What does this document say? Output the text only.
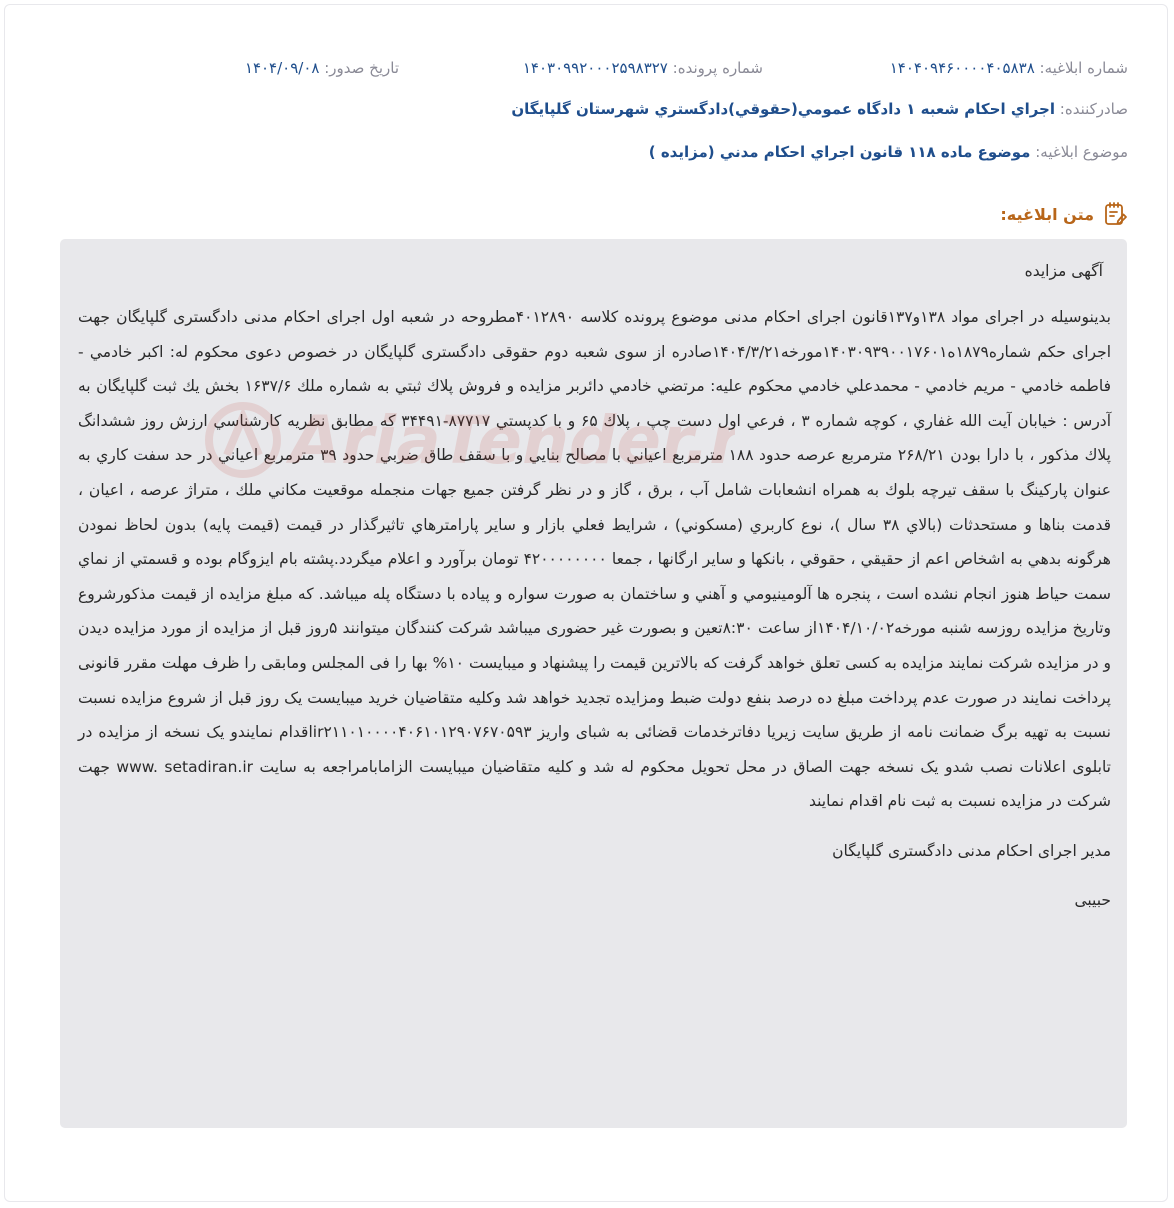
شماره ابلاغيه: ۱۴۰۴۰۹۴۶۰۰۰۰۴۰۵۸۳۸
شماره پرونده: ۱۴۰۳۰۹۹۲۰۰۰۲۵۹۸۳۲۷
تاريخ صدور: ۱۴۰۴/۰۹/۰۸
صادرکننده: اجراي احکام شعبه ۱ دادگاه عمومي(حقوقي)دادگستري شهرستان گلپايگان
موضوع ابلاغيه: موضوع ماده ۱۱۸ قانون اجراي احکام مدني (مزايده )
متن ابلاغيه:
آگهی مزایده

بدینوسیله در اجرای مواد ۱۳۸و۱۳۷قانون اجرای احکام مدنی موضوع پرونده کلاسه ۴۰۱۲۸۹۰مطروحه در شعبه اول اجرای احکام مدنی دادگستری گلپایگان جهت اجرای حکم شماره۱۸۷۹ه۱۴۰۳۰۹۳۹۰۰۱۷۶۰۱مورخه۱۴۰۴/۳/۲۱صادره از سوی شعبه دوم حقوقی دادگستری گلپایگان در خصوص دعوی محکوم له: اکبر خادمي - فاطمه خادمي - مريم خادمي - محمدعلي خادمي محكوم عليه: مرتضي خادمي دائربر مزايده و فروش پلاك ثبتي به شماره ملك ۱۶۳۷/۶ بخش يك ثبت گلپايگان به آدرس : خيابان آيت الله غفاري ، كوچه شماره ۳ ، فرعي اول دست چپ ، پلاك ۶۵ و با كدپستي ۸۷۷۱۷-۳۴۴۹۱ كه مطابق نظريه كارشناسي ارزش روز ششدانگ پلاك مذكور ، با دارا بودن ۲۶۸/۲۱ مترمربع عرصه حدود ۱۸۸ مترمربع اعياني با مصالح بنايي و با سقف طاق ضربي حدود ۳۹ مترمربع اعياني در حد سفت كاري به عنوان پاركينگ با سقف تيرچه بلوك به همراه انشعابات شامل آب ، برق ، گاز و در نظر گرفتن جميع جهات منجمله موقعيت مكاني ملك ، متراژ عرصه ، اعيان ، قدمت بناها و مستحدثات (بالاي ۳۸ سال )، نوع كاربري (مسكوني) ، شرايط فعلي بازار و ساير پارامترهاي تاثيرگذار در قيمت (قيمت پايه) بدون لحاظ نمودن هرگونه بدهي به اشخاص اعم از حقيقي ، حقوقي ، بانكها و ساير ارگانها ، جمعا ۴۲۰۰۰۰۰۰۰۰ تومان برآورد و اعلام ميگردد.پشته بام ايزوگام بوده و قسمتي از نماي سمت حياط هنوز انجام نشده است ، پنجره ها آلومينيومي و آهني و ساختمان به صورت سواره و پياده با دستگاه پله ميباشد. که مبلغ مزایده از قیمت مذکورشروع وتاریخ مزایده روزسه شنبه مورخه۱۴۰۴/۱۰/۰۲از ساعت ۸:۳۰تعین و بصورت غیر حضوری میباشد شرکت کنندگان میتوانند ۵روز قبل از مزایده از مورد مزایده دیدن و در مزایده شرکت نمایند مزایده به کسی تعلق خواهد گرفت که بالاترین قیمت را پیشنهاد و میبایست ۱۰% بها را فی المجلس ومابقی را ظرف مهلت مقرر قانونی پرداخت نمایند در صورت عدم پرداخت مبلغ ده درصد بنفع دولت ضبط ومزایده تجدید خواهد شد وکلیه متقاضیان خرید میبایست یک روز قبل از شروع مزایده نسبت نسبت به تهیه برگ ضمانت نامه از طریق سایت زیریا دفاترخدمات قضائی به شبای واریز ir۲۱۱۰۱۰۰۰۰۴۰۶۱۰۱۲۹۰۷۶۷۰۵۹۳اقدام نمایندو یک نسخه از مزایده در تابلوی اعلانات نصب شدو یک نسخه جهت الصاق در محل تحویل محکوم له شد و کلیه متقاضیان میبایست الزامابامراجعه به سایت www. setadiran.ir جهت شرکت در مزایده نسبت به ثبت نام اقدام نمایند

مدیر اجرای احکام مدنی دادگستری گلپایگان
حبیبی
